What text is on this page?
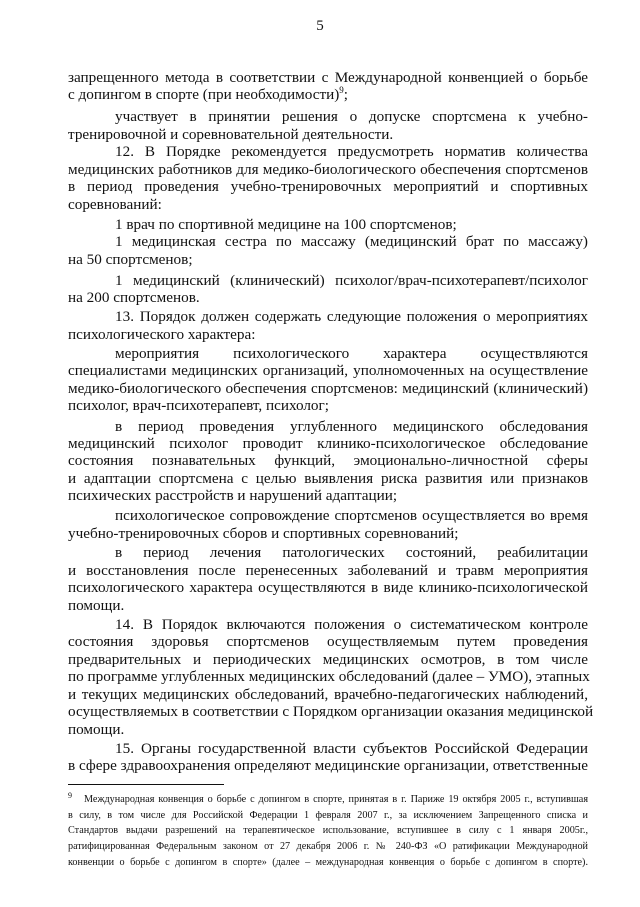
5
запрещенного метода в соответствии с Международной конвенцией о борьбе
с допингом в спорте (при необходимости)$^9$;
участвует в принятии решения о допуске спортсмена к учебно-
тренировочной и соревновательной деятельности.
12. В Порядке рекомендуется предусмотреть норматив количества
медицинских работников для медико-биологического обеспечения спортсменов
в период проведения учебно-тренировочных мероприятий и спортивных
соревнований:
1 врач по спортивной медицине на 100 спортсменов;
1 медицинская сестра по массажу (медицинский брат по массажу)
на 50 спортсменов;
1 медицинский (клинический) психолог/врач-психотерапевт/психолог
на 200 спортсменов.
13. Порядок должен содержать следующие положения о мероприятиях
психологического характера:
мероприятия психологического характера осуществляются
специалистами медицинских организаций, уполномоченных на осуществление
медико-биологического обеспечения спортсменов: медицинский (клинический)
психолог, врач-психотерапевт, психолог;
в период проведения углубленного медицинского обследования
медицинский психолог проводит клинико-психологическое обследование
состояния познавательных функций, эмоционально-личностной сферы
и адаптации спортсмена с целью выявления риска развития или признаков
психических расстройств и нарушений адаптации;
психологическое сопровождение спортсменов осуществляется во время
учебно-тренировочных сборов и спортивных соревнований;
в период лечения патологических состояний, реабилитации
и восстановления после перенесенных заболеваний и травм мероприятия
психологического характера осуществляются в виде клинико-психологической
помощи.
14. В Порядок включаются положения о систематическом контроле
состояния здоровья спортсменов осуществляемым путем проведения
предварительных и периодических медицинских осмотров, в том числе
по программе углубленных медицинских обследований (далее – УМО), этапных
и текущих медицинских обследований, врачебно-педагогических наблюдений,
осуществляемых в соответствии с Порядком организации оказания медицинской
помощи.
15. Органы государственной власти субъектов Российской Федерации
в сфере здравоохранения определяют медицинские организации, ответственные
$^9$	Международная конвенция о борьбе с допингом в спорте, принятая в г. Париже 19 октября 2005 г., вступившая
в силу, в том числе для Российской Федерации 1 февраля 2007 г., за исключением Запрещенного списка и
Стандартов выдачи разрешений на терапевтическое использование, вступившее в силу с 1 января 2005г.,
ратифицированная Федеральным законом от 27 декабря 2006 г. № 240-ФЗ «О ратификации Международной
конвенции о борьбе с допингом в спорте» (далее – международная конвенция о борьбе с допингом в спорте).
